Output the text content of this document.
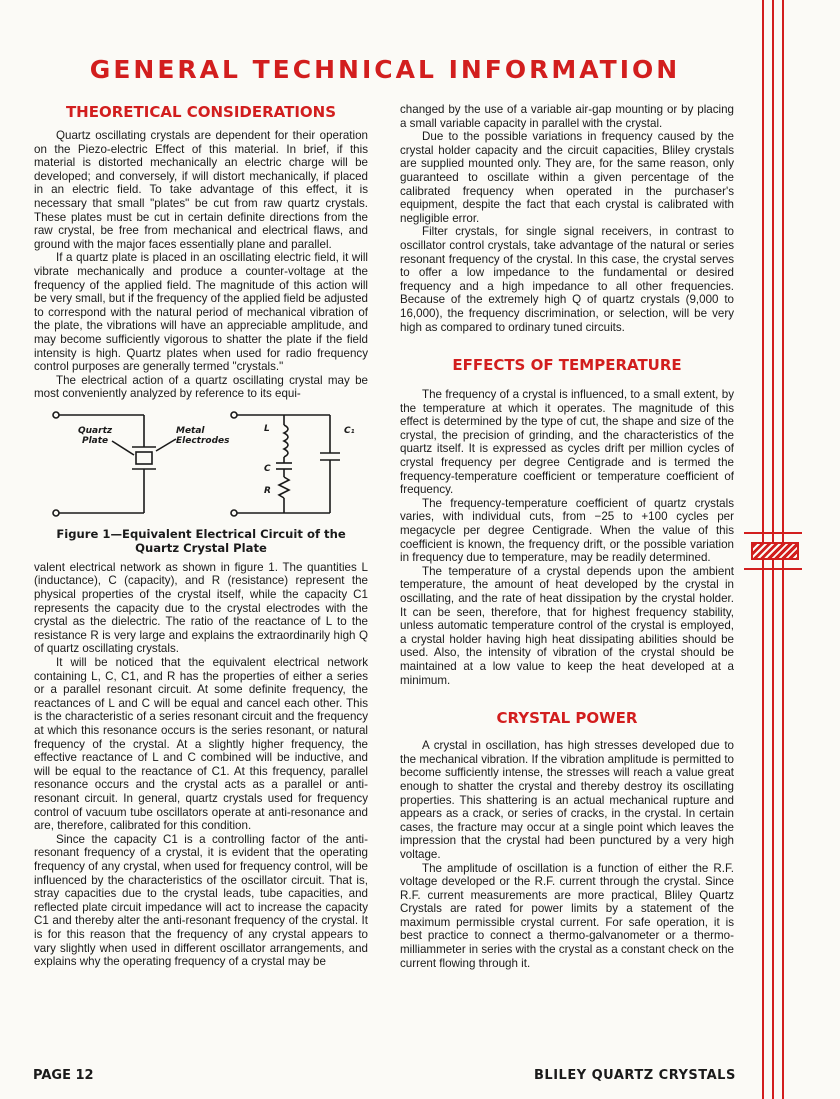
GENERAL TECHNICAL INFORMATION
THEORETICAL CONSIDERATIONS

Quartz oscillating crystals are dependent for their operation on the Piezo-electric Effect of this material. In brief, if this material is distorted mechanically an electric charge will be developed; and conversely, if will distort mechanically, if placed in an electric field. To take advantage of this effect, it is necessary that small "plates" be cut from raw quartz crystals. These plates must be cut in certain definite directions from the raw crystal, be free from mechanical and electrical flaws, and ground with the major faces essentially plane and parallel.

If a quartz plate is placed in an oscillating electric field, it will vibrate mechanically and produce a counter-voltage at the frequency of the applied field. The magnitude of this action will be very small, but if the frequency of the applied field be adjusted to correspond with the natural period of mechanical vibration of the plate, the vibrations will have an appreciable amplitude, and may become sufficiently vigorous to shatter the plate if the field intensity is high. Quartz plates when used for radio frequency control purposes are generally termed "crystals."

The electrical action of a quartz oscillating crystal may be most conveniently analyzed by reference to its equi-

Quartz
Plate
Metal
Electrodes
L
C
R
C₁

Figure 1—Equivalent Electrical Circuit of the
Quartz Crystal Plate

valent electrical network as shown in figure 1. The quantities L (inductance), C (capacity), and R (resistance) represent the physical properties of the crystal itself, while the capacity C1 represents the capacity due to the crystal electrodes with the crystal as the dielectric. The ratio of the reactance of L to the resistance R is very large and explains the extraordinarily high Q of quartz oscillating crystals.

It will be noticed that the equivalent electrical network containing L, C, C1, and R has the properties of either a series or a parallel resonant circuit. At some definite frequency, the reactances of L and C will be equal and cancel each other. This is the characteristic of a series resonant circuit and the frequency at which this resonance occurs is the series resonant, or natural frequency of the crystal. At a slightly higher frequency, the effective reactance of L and C combined will be inductive, and will be equal to the reactance of C1. At this frequency, parallel resonance occurs and the crystal acts as a parallel or anti-resonant circuit. In general, quartz crystals used for frequency control of vacuum tube oscillators operate at anti-resonance and are, therefore, calibrated for this condition.

Since the capacity C1 is a controlling factor of the anti-resonant frequency of a crystal, it is evident that the operating frequency of any crystal, when used for frequency control, will be influenced by the characteristics of the oscillator circuit. That is, stray capacities due to the crystal leads, tube capacities, and reflected plate circuit impedance will act to increase the capacity C1 and thereby alter the anti-resonant frequency of the crystal. It is for this reason that the frequency of any crystal appears to vary slightly when used in different oscillator arrangements, and explains why the operating frequency of a crystal may be

changed by the use of a variable air-gap mounting or by placing a small variable capacity in parallel with the crystal.

Due to the possible variations in frequency caused by the crystal holder capacity and the circuit capacities, Bliley crystals are supplied mounted only. They are, for the same reason, only guaranteed to oscillate within a given percentage of the calibrated frequency when operated in the purchaser's equipment, despite the fact that each crystal is calibrated with negligible error.

Filter crystals, for single signal receivers, in contrast to oscillator control crystals, take advantage of the natural or series resonant frequency of the crystal. In this case, the crystal serves to offer a low impedance to the fundamental or desired frequency and a high impedance to all other frequencies. Because of the extremely high Q of quartz crystals (9,000 to 16,000), the frequency discrimination, or selection, will be very high as compared to ordinary tuned circuits.

EFFECTS OF TEMPERATURE

The frequency of a crystal is influenced, to a small extent, by the temperature at which it operates. The magnitude of this effect is determined by the type of cut, the shape and size of the crystal, the precision of grinding, and the characteristics of the quartz itself. It is expressed as cycles drift per million cycles of crystal frequency per degree Centigrade and is termed the frequency-temperature coefficient or temperature coefficient of frequency.

The frequency-temperature coefficient of quartz crystals varies, with individual cuts, from −25 to +100 cycles per megacycle per degree Centigrade. When the value of this coefficient is known, the frequency drift, or the possible variation in frequency due to temperature, may be readily determined.

The temperature of a crystal depends upon the ambient temperature, the amount of heat developed by the crystal in oscillating, and the rate of heat dissipation by the crystal holder. It can be seen, therefore, that for highest frequency stability, unless automatic temperature control of the crystal is employed, a crystal holder having high heat dissipating abilities should be used. Also, the intensity of vibration of the crystal should be maintained at a low value to keep the heat developed at a minimum.

CRYSTAL POWER

A crystal in oscillation, has high stresses developed due to the mechanical vibration. If the vibration amplitude is permitted to become sufficiently intense, the stresses will reach a value great enough to shatter the crystal and thereby destroy its oscillating properties. This shattering is an actual mechanical rupture and appears as a crack, or series of cracks, in the crystal. In certain cases, the fracture may occur at a single point which leaves the impression that the crystal had been punctured by a very high voltage.

The amplitude of oscillation is a function of either the R.F. voltage developed or the R.F. current through the crystal. Since R.F. current measurements are more practical, Bliley Quartz Crystals are rated for power limits by a statement of the maximum permissible crystal current. For safe operation, it is best practice to connect a thermo-galvanometer or a thermo-milliammeter in series with the crystal as a constant check on the current flowing through it.

PAGE 12	BLILEY QUARTZ CRYSTALS
